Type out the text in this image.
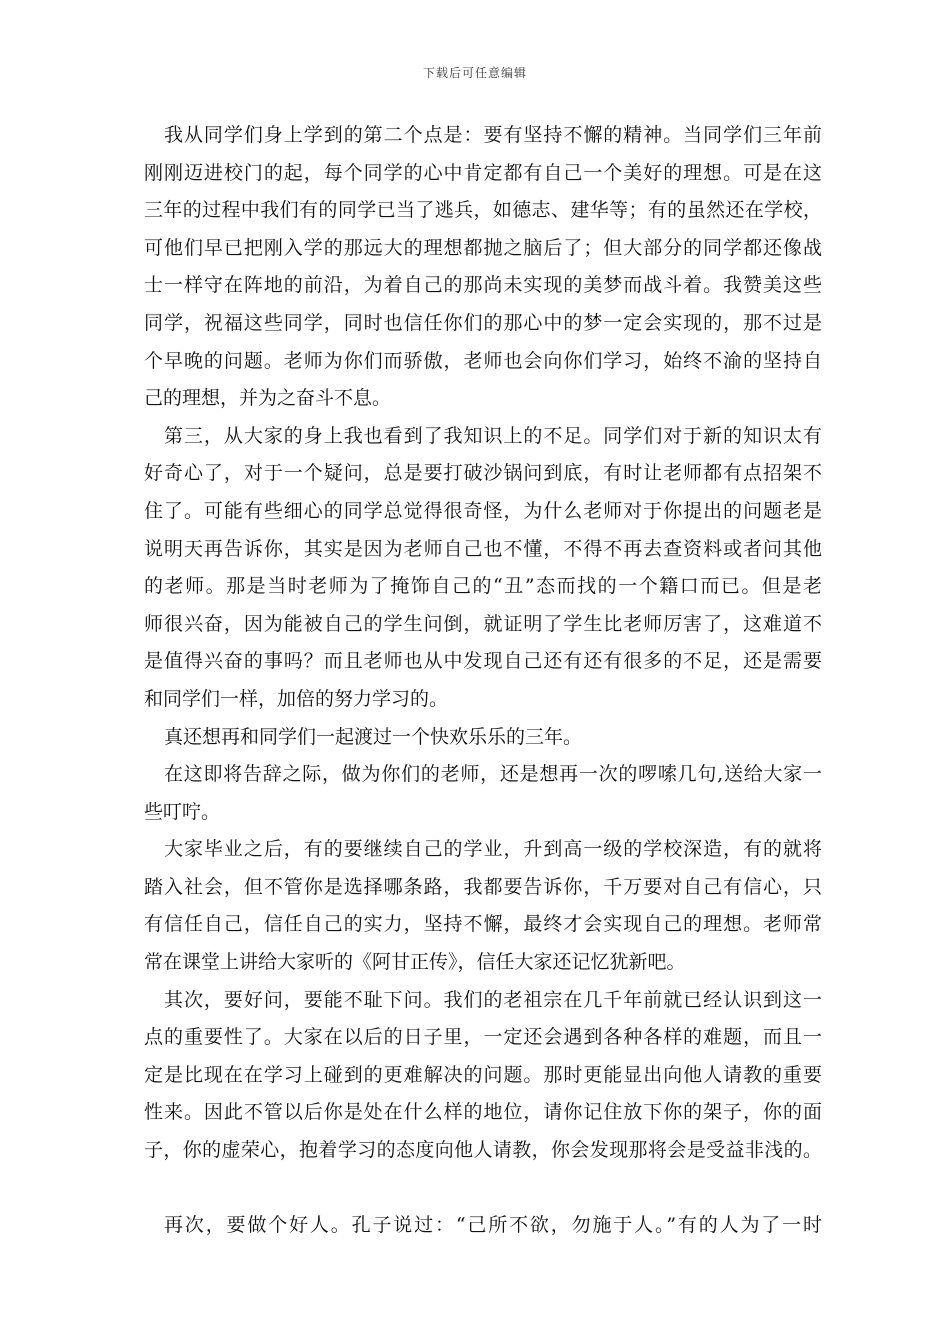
下载后可任意编辑
我从同学们身上学到的第二个点是：要有坚持不懈的精神。当同学们三年前
刚刚迈进校门的起，每个同学的心中肯定都有自己一个美好的理想。可是在这
三年的过程中我们有的同学已当了逃兵，如德志、建华等；有的虽然还在学校，
可他们早已把刚入学的那远大的理想都抛之脑后了；但大部分的同学都还像战
士一样守在阵地的前沿，为着自己的那尚未实现的美梦而战斗着。我赞美这些
同学，祝福这些同学，同时也信任你们的那心中的梦一定会实现的，那不过是
个早晚的问题。老师为你们而骄傲，老师也会向你们学习，始终不渝的坚持自
己的理想，并为之奋斗不息。
第三，从大家的身上我也看到了我知识上的不足。同学们对于新的知识太有
好奇心了，对于一个疑问，总是要打破沙锅问到底，有时让老师都有点招架不
住了。可能有些细心的同学总觉得很奇怪，为什么老师对于你提出的问题老是
说明天再告诉你，其实是因为老师自己也不懂，不得不再去查资料或者问其他
的老师。那是当时老师为了掩饰自己的“丑”态而找的一个籍口而已。但是老
师很兴奋，因为能被自己的学生问倒，就证明了学生比老师厉害了，这难道不
是值得兴奋的事吗？而且老师也从中发现自己还有还有很多的不足，还是需要
和同学们一样，加倍的努力学习的。
真还想再和同学们一起渡过一个快欢乐乐的三年。
在这即将告辞之际，做为你们的老师，还是想再一次的啰嗦几句,送给大家一
些叮咛。
大家毕业之后，有的要继续自己的学业，升到高一级的学校深造，有的就将
踏入社会，但不管你是选择哪条路，我都要告诉你，千万要对自己有信心，只
有信任自己，信任自己的实力，坚持不懈，最终才会实现自己的理想。老师常
常在课堂上讲给大家听的《阿甘正传》，信任大家还记忆犹新吧。
其次，要好问，要能不耻下问。我们的老祖宗在几千年前就已经认识到这一
点的重要性了。大家在以后的日子里，一定还会遇到各种各样的难题，而且一
定是比现在在学习上碰到的更难解决的问题。那时更能显出向他人请教的重要
性来。因此不管以后你是处在什么样的地位，请你记住放下你的架子，你的面
子，你的虚荣心，抱着学习的态度向他人请教，你会发现那将会是受益非浅的。
再次，要做个好人。孔子说过：“己所不欲，勿施于人。”有的人为了一时
